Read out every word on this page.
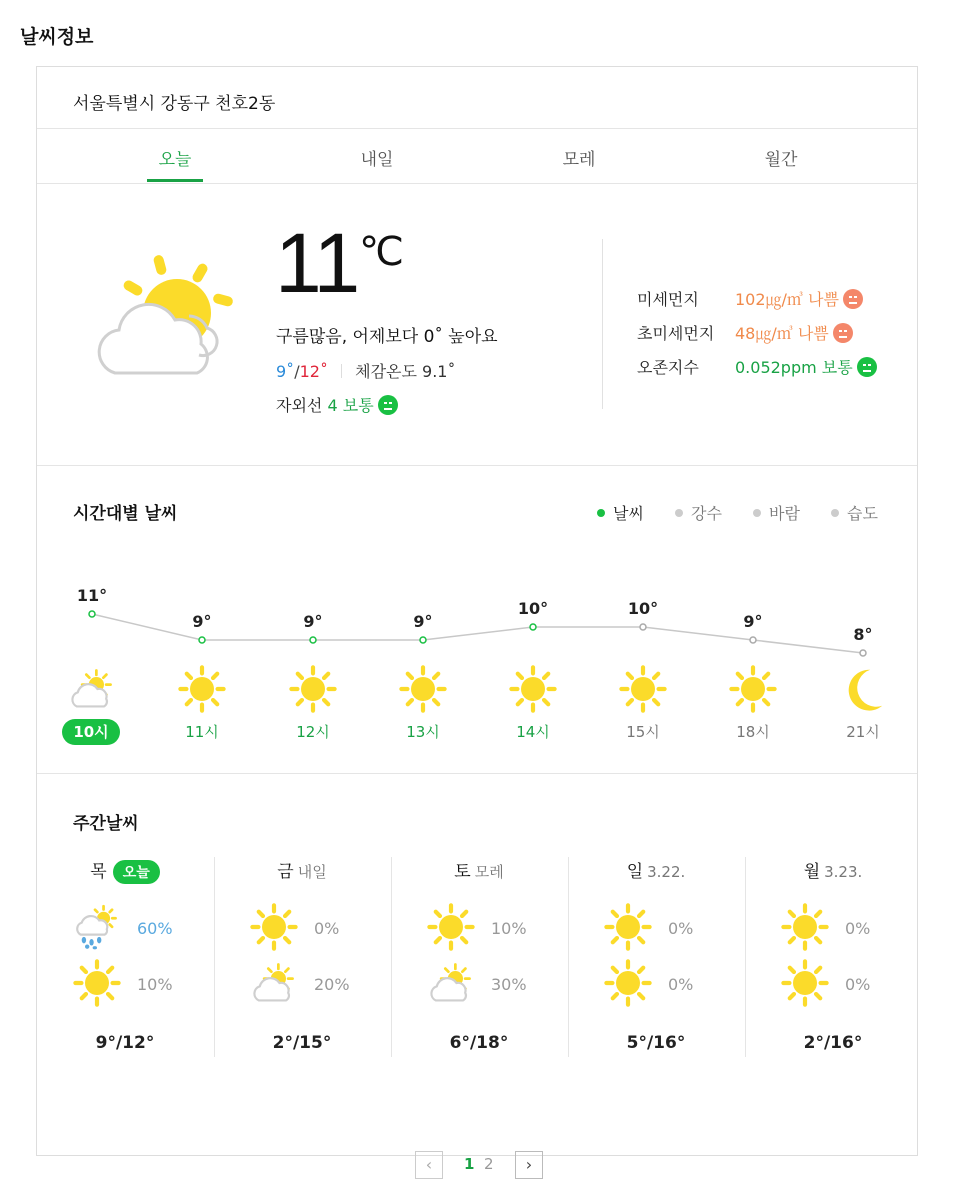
날씨정보
서울특별시 강동구 천호2동
오늘	내일	모레	월간
11 ℃
구름많음, 어제보다 0˚ 높아요
9˚/12˚ 체감온도 9.1˚
자외선 4 보통
미세먼지 102㎍/㎥ 나쁨
초미세먼지 48㎍/㎥ 나쁨
오존지수 0.052ppm 보통
시간대별 날씨	날씨	강수	바람	습도
11°
10시
9°
11시
9°
12시
9°
13시
10°
14시
10°
15시
9°
18시
8°
21시
주간날씨
목 오늘
60%
10%
9°/12°
금 내일
0%
20%
2°/15°
토 모레
10%
30%
6°/18°
일 3.22.
0%
0%
5°/16°
월 3.23.
0%
0%
2°/16°
‹	1 2	›
